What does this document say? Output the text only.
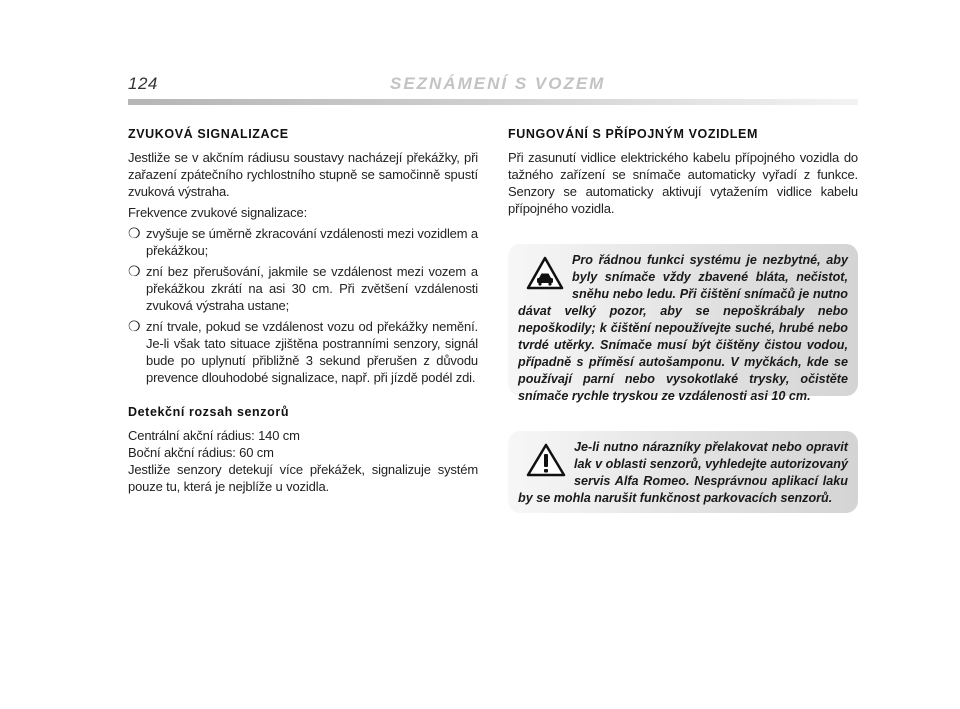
124	SEZNÁMENÍ S VOZEM
ZVUKOVÁ SIGNALIZACE

Jestliže se v akčním rádiusu soustavy nacházejí překážky, při zařazení zpátečního rychlostního stupně se samočinně spustí zvuková výstraha.

Frekvence zvukové signalizace:

❍ zvyšuje se úměrně zkracování vzdálenosti mezi vozidlem a překážkou;
❍ zní bez přerušování, jakmile se vzdálenost mezi vozem a překážkou zkrátí na asi 30 cm. Při zvětšení vzdálenosti zvuková výstraha ustane;
❍ zní trvale, pokud se vzdálenost vozu od překážky nemění. Je-li však tato situace zjištěna postranními senzory, signál bude po uplynutí přibližně 3 sekund přerušen z důvodu prevence dlouhodobé signalizace, např. při jízdě podél zdi.
Detekční rozsah senzorů

Centrální akční rádius: 140 cm

Boční akční rádius: 60 cm

Jestliže senzory detekují více překážek, signalizuje systém pouze tu, která je nejblíže u vozidla.

FUNGOVÁNÍ S PŘÍPOJNÝM VOZIDLEM

Při zasunutí vidlice elektrického kabelu přípojného vozidla do tažného zařízení se snímače automaticky vyřadí z funkce. Senzory se automaticky aktivují vytažením vidlice kabelu přípojného vozidla.

Pro řádnou funkci systému je nezbytné, aby byly snímače vždy zbavené bláta, nečistot, sněhu nebo ledu. Při čištění snímačů je nutno dávat velký pozor, aby se nepoškrábaly nebo nepoškodily; k čištění nepoužívejte suché, hrubé nebo tvrdé utěrky. Snímače musí být čištěny čistou vodou, případně s příměsí autošamponu. V myčkách, kde se používají parní nebo vysokotlaké trysky, očistěte snímače rychle tryskou ze vzdálenosti asi 10 cm.
Je-li nutno nárazníky přelakovat nebo opravit lak v oblasti senzorů, vyhledejte autorizovaný servis Alfa Romeo. Nesprávnou aplikací laku by se mohla narušit funkčnost parkovacích senzorů.
